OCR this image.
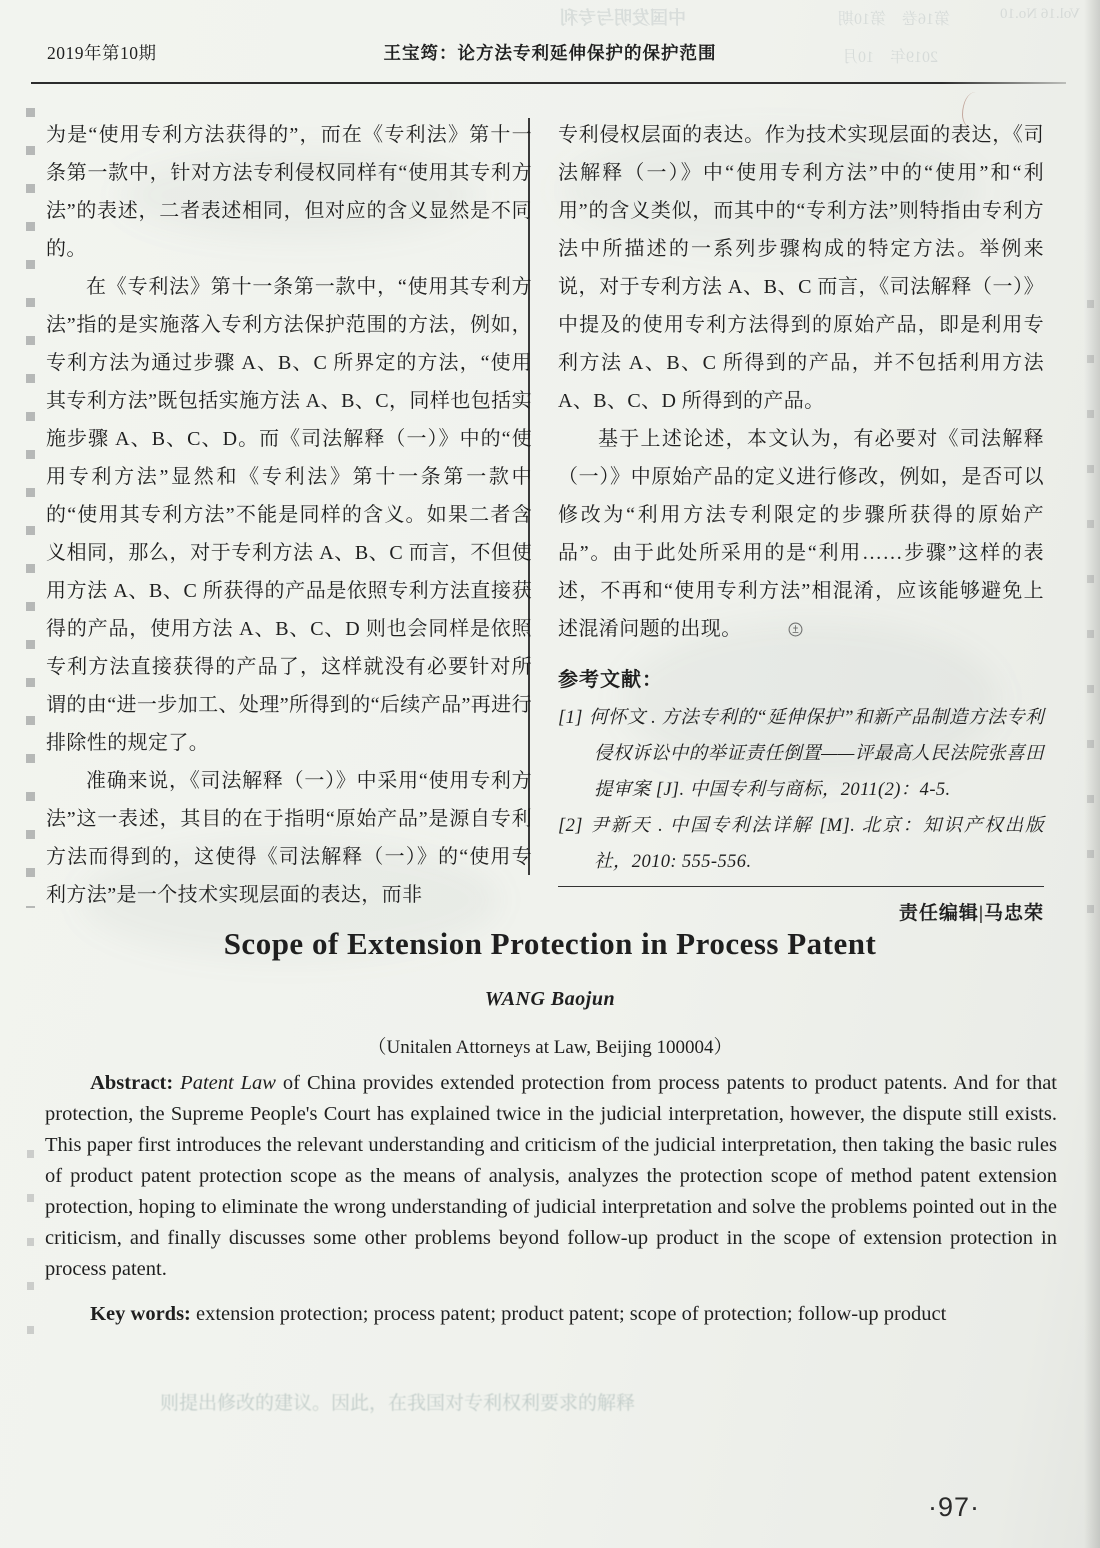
中国发明与专利	第16卷　第10期	Vol.16 No.10
2019年　10月
则提出修改的建议。因此，在我国对专利权利要求的解释
2019年第10期	王宝筠：论方法专利延伸保护的保护范围

为是“使用专利方法获得的”，而在《专利法》第十一条第一款中，针对方法专利侵权同样有“使用其专利方法”的表述，二者表述相同，但对应的含义显然是不同的。

在《专利法》第十一条第一款中，“使用其专利方法”指的是实施落入专利方法保护范围的方法，例如，专利方法为通过步骤 A、B、C 所界定的方法，“使用其专利方法”既包括实施方法 A、B、C，同样也包括实施步骤 A、B、C、D。而《司法解释（一）》中的“使用专利方法”显然和《专利法》第十一条第一款中的“使用其专利方法”不能是同样的含义。如果二者含义相同，那么，对于专利方法 A、B、C 而言，不但使用方法 A、B、C 所获得的产品是依照专利方法直接获得的产品，使用方法 A、B、C、D 则也会同样是依照专利方法直接获得的产品了，这样就没有必要针对所谓的由“进一步加工、处理”所得到的“后续产品”再进行排除性的规定了。

准确来说，《司法解释（一）》中采用“使用专利方法”这一表述，其目的在于指明“原始产品”是源自专利方法而得到的，这使得《司法解释（一）》的“使用专利方法”是一个技术实现层面的表达，而非

专利侵权层面的表达。作为技术实现层面的表达，《司法解释（一）》中“使用专利方法”中的“使用”和“利用”的含义类似，而其中的“专利方法”则特指由专利方法中所描述的一系列步骤构成的特定方法。举例来说，对于专利方法 A、B、C 而言，《司法解释（一）》中提及的使用专利方法得到的原始产品，即是利用专利方法 A、B、C 所得到的产品，并不包括利用方法 A、B、C、D 所得到的产品。

基于上述论述，本文认为，有必要对《司法解释（一）》中原始产品的定义进行修改，例如，是否可以修改为“利用方法专利限定的步骤所获得的原始产品”。由于此处所采用的是“利用……步骤”这样的表述，不再和“使用专利方法”相混淆，应该能够避免上述混淆问题的出现。

参考文献：

[1] 何怀文 . 方法专利的“延伸保护”和新产品制造方法专利侵权诉讼中的举证责任倒置——评最高人民法院张喜田提审案 [J]. 中国专利与商标，2011(2)：4-5.

[2] 尹新天 . 中国专利法详解 [M]. 北京：知识产权出版社，2010: 555-556.

责任编辑|马忠荣
Scope of Extension Protection in Process Patent
WANG Baojun
（Unitalen Attorneys at Law, Beijing 100004）

Abstract: Patent Law of China provides extended protection from process patents to product patents. And for that protection, the Supreme People's Court has explained twice in the judicial interpretation, however, the dispute still exists. This paper first introduces the relevant understanding and criticism of the judicial interpretation, then taking the basic rules of product patent protection scope as the means of analysis, analyzes the protection scope of method patent extension protection, hoping to eliminate the wrong understanding of judicial interpretation and solve the problems pointed out in the criticism, and finally discusses some other problems beyond follow-up product in the scope of extension protection in process patent.

Key words: extension protection; process patent; product patent; scope of protection; follow-up product

·97·
